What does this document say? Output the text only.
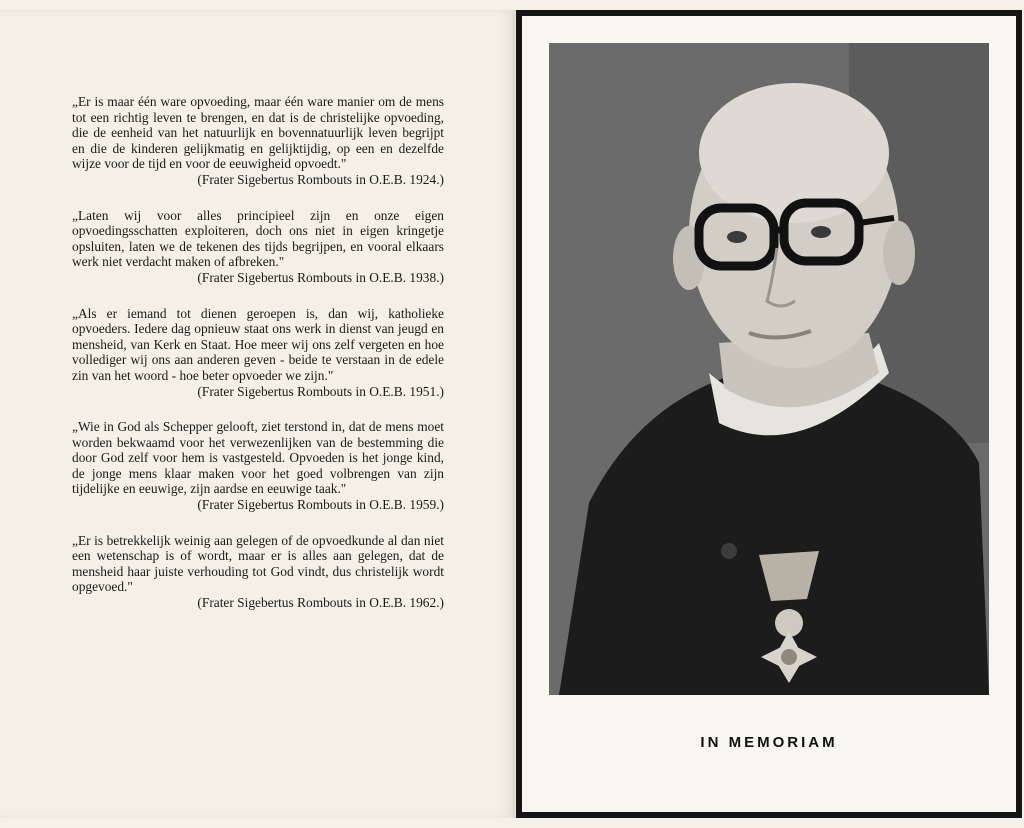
„Er is maar één ware opvoeding, maar één ware manier om de mens tot een richtig leven te brengen, en dat is de christelijke opvoeding, die de eenheid van het natuurlijk en bovennatuurlijk leven begrijpt en die de kinderen gelijkmatig en gelijktijdig, op een en dezelfde wijze voor de tijd en voor de eeuwigheid opvoedt."
(Frater Sigebertus Rombouts in O.E.B. 1924.)
„Laten wij voor alles principieel zijn en onze eigen opvoedingsschatten exploiteren, doch ons niet in eigen kringetje opsluiten, laten we de tekenen des tijds begrijpen, en vooral elkaars werk niet verdacht maken of afbreken."
(Frater Sigebertus Rombouts in O.E.B. 1938.)
„Als er iemand tot dienen geroepen is, dan wij, katholieke opvoeders. Iedere dag opnieuw staat ons werk in dienst van jeugd en mensheid, van Kerk en Staat. Hoe meer wij ons zelf vergeten en hoe vollediger wij ons aan anderen geven - beide te verstaan in de edele zin van het woord - hoe beter opvoeder we zijn."
(Frater Sigebertus Rombouts in O.E.B. 1951.)
„Wie in God als Schepper gelooft, ziet terstond in, dat de mens moet worden bekwaamd voor het verwezenlijken van de bestemming die door God zelf voor hem is vastgesteld. Opvoeden is het jonge kind, de jonge mens klaar maken voor het goed volbrengen van zijn tijdelijke en eeuwige, zijn aardse en eeuwige taak."
(Frater Sigebertus Rombouts in O.E.B. 1959.)
„Er is betrekkelijk weinig aan gelegen of de opvoedkunde al dan niet een wetenschap is of wordt, maar er is alles aan gelegen, dat de mensheid haar juiste verhouding tot God vindt, dus christelijk wordt opgevoed."
(Frater Sigebertus Rombouts in O.E.B. 1962.)
IN MEMORIAM
